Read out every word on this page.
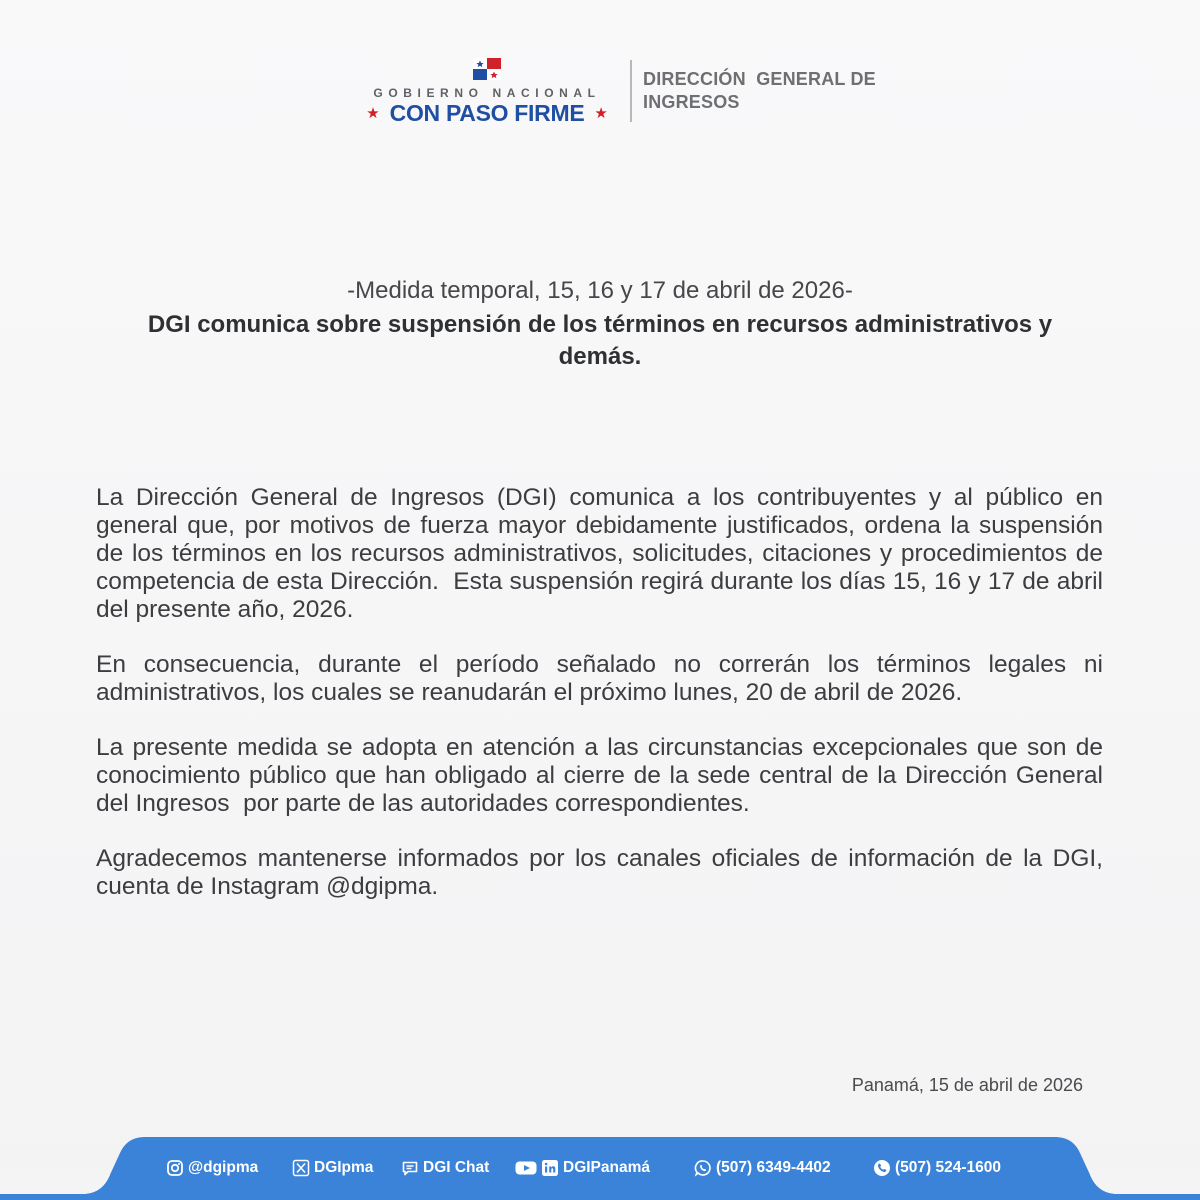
GOBIERNO NACIONAL
★ CON PASO FIRME ★
DIRECCIÓN  GENERAL DE
INGRESOS
-Medida temporal, 15, 16 y 17 de abril de 2026-
DGI comunica sobre suspensión de los términos en recursos administrativos y demás.

La Dirección General de Ingresos (DGI) comunica a los contribuyentes y al público en general que, por motivos de fuerza mayor debidamente justificados, ordena la suspensión de los términos en los recursos administrativos, solicitudes, citaciones y procedimientos de competencia de esta Dirección.  Esta suspensión regirá durante los días 15, 16 y 17 de abril del presente año, 2026.

En consecuencia, durante el período señalado no correrán los términos legales ni administrativos, los cuales se reanudarán el próximo lunes, 20 de abril de 2026.

La presente medida se adopta en atención a las circunstancias excepcionales que son de conocimiento público que han obligado al cierre de la sede central de la Dirección General del Ingresos  por parte de las autoridades correspondientes.

Agradecemos mantenerse informados por los canales oficiales de información de la DGI, cuenta de Instagram @dgipma.

Panamá, 15 de abril de 2026
@dgipma	DGIpma	DGI Chat	DGIPanamá	(507) 6349-4402	(507) 524-1600
